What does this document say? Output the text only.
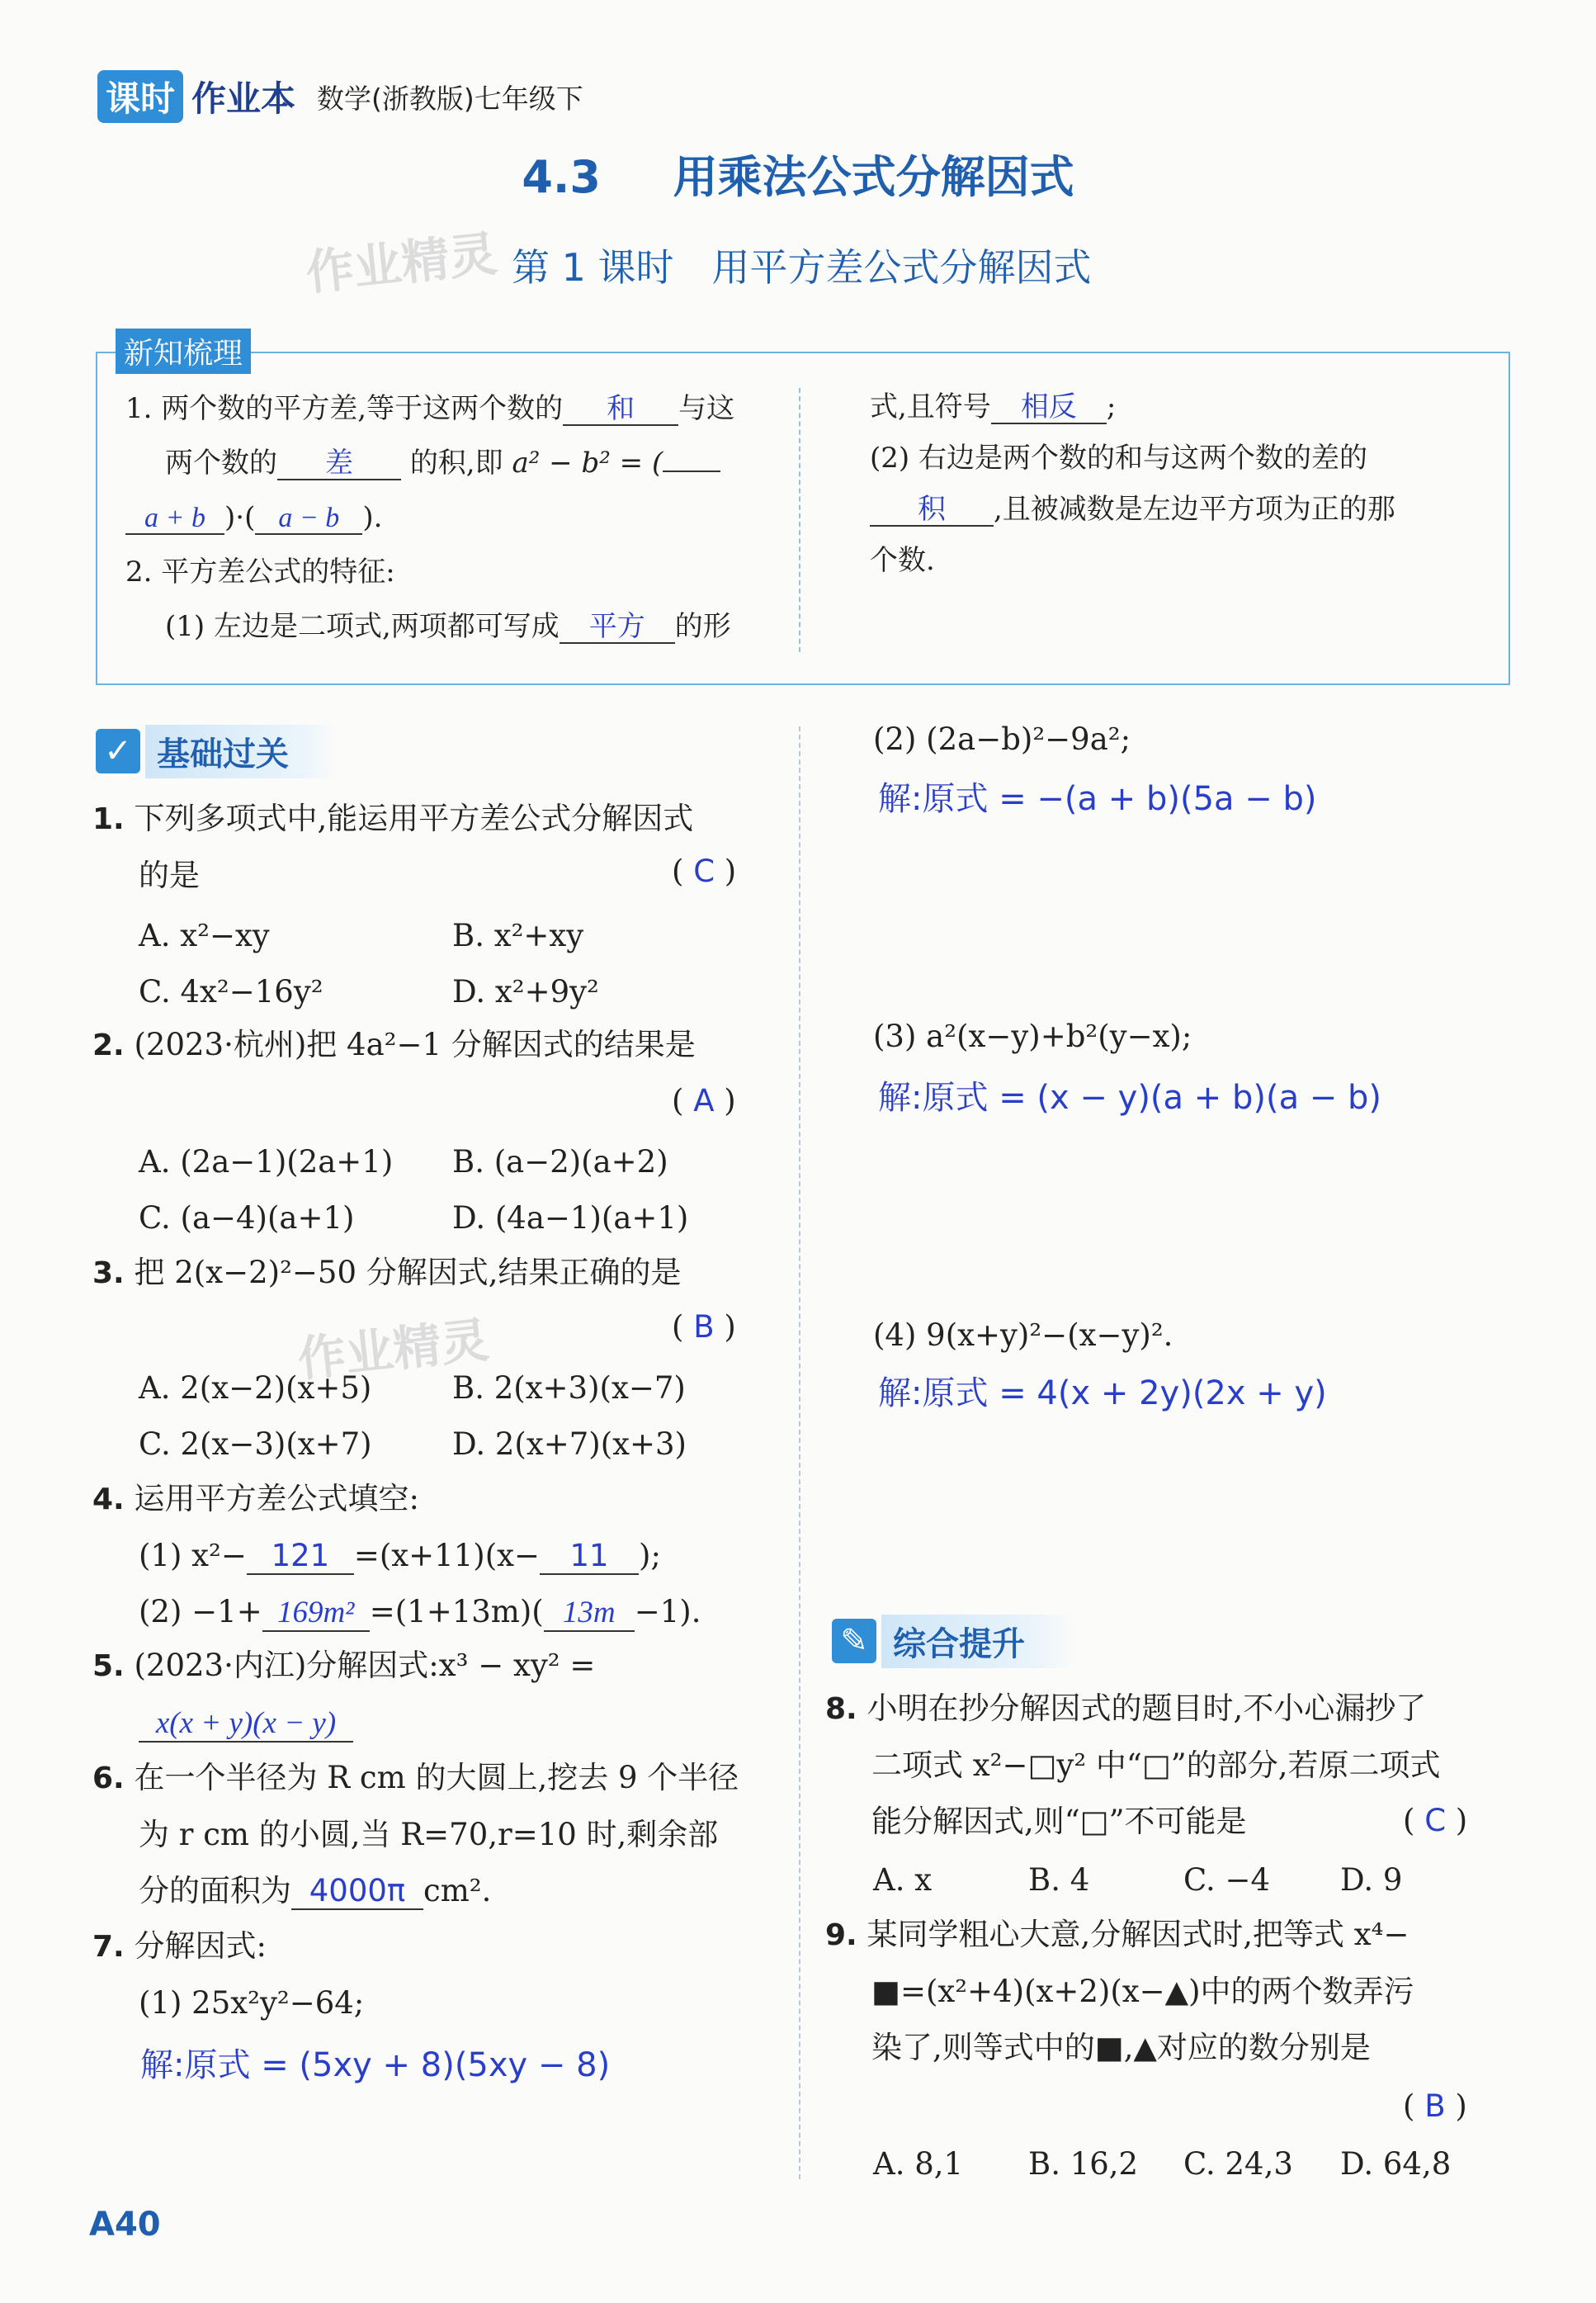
课时 作业本 数学(浙教版)七年级下
4.3 用乘法公式分解因式
作业精灵 第 1 课时　用平方差公式分解因式
新知梳理
1. 两个数的平方差,等于这两个数的 和 与这
两个数的 差 的积,即 a² − b² = (
a + b )·( a − b ).
2. 平方差公式的特征:
(1) 左边是二项式,两项都可写成 平方 的形
式,且符号 相反 ;
(2) 右边是两个数的和与这两个数的差的
积 ,且被减数是左边平方项为正的那
个数.
✓ 基础过关
1. 下列多项式中,能运用平方差公式分解因式
的是	( C )
A. x²−xy	B. x²+xy
C. 4x²−16y²	D. x²+9y²
2. (2023·杭州)把 4a²−1 分解因式的结果是
( A )
A. (2a−1)(2a+1) B. (a−2)(a+2)
C. (a−4)(a+1)	D. (4a−1)(a+1)
3. 把 2(x−2)²−50 分解因式,结果正确的是
作业精灵	( B )
A. 2(x−2)(x+5)	B. 2(x+3)(x−7)
C. 2(x−3)(x+7)	D. 2(x+7)(x+3)
4. 运用平方差公式填空:
(1) x²− 121 =(x+11)(x− 11 );
(2) −1+ 169m² =(1+13m)( 13m −1).
5. (2023·内江)分解因式:x³ − xy² =
x(x + y)(x − y)
6. 在一个半径为 R cm 的大圆上,挖去 9 个半径
为 r cm 的小圆,当 R=70,r=10 时,剩余部
分的面积为 4000π cm².
7. 分解因式:
(1) 25x²y²−64;
解:原式 = (5xy + 8)(5xy − 8)
(2) (2a−b)²−9a²;
解:原式 = −(a + b)(5a − b)
(3) a²(x−y)+b²(y−x);
解:原式 = (x − y)(a + b)(a − b)
(4) 9(x+y)²−(x−y)².
解:原式 = 4(x + 2y)(2x + y)
✎ 综合提升
8. 小明在抄分解因式的题目时,不小心漏抄了
二项式 x²−□y² 中“□”的部分,若原二项式
能分解因式,则“□”不可能是	( C )
A. x	B. 4	C. −4 D. 9
9. 某同学粗心大意,分解因式时,把等式 x⁴−
■=(x²+4)(x+2)(x−▲)中的两个数弄污
染了,则等式中的■,▲对应的数分别是
( B )
A. 8,1 B. 16,2 C. 24,3 D. 64,8
A40
